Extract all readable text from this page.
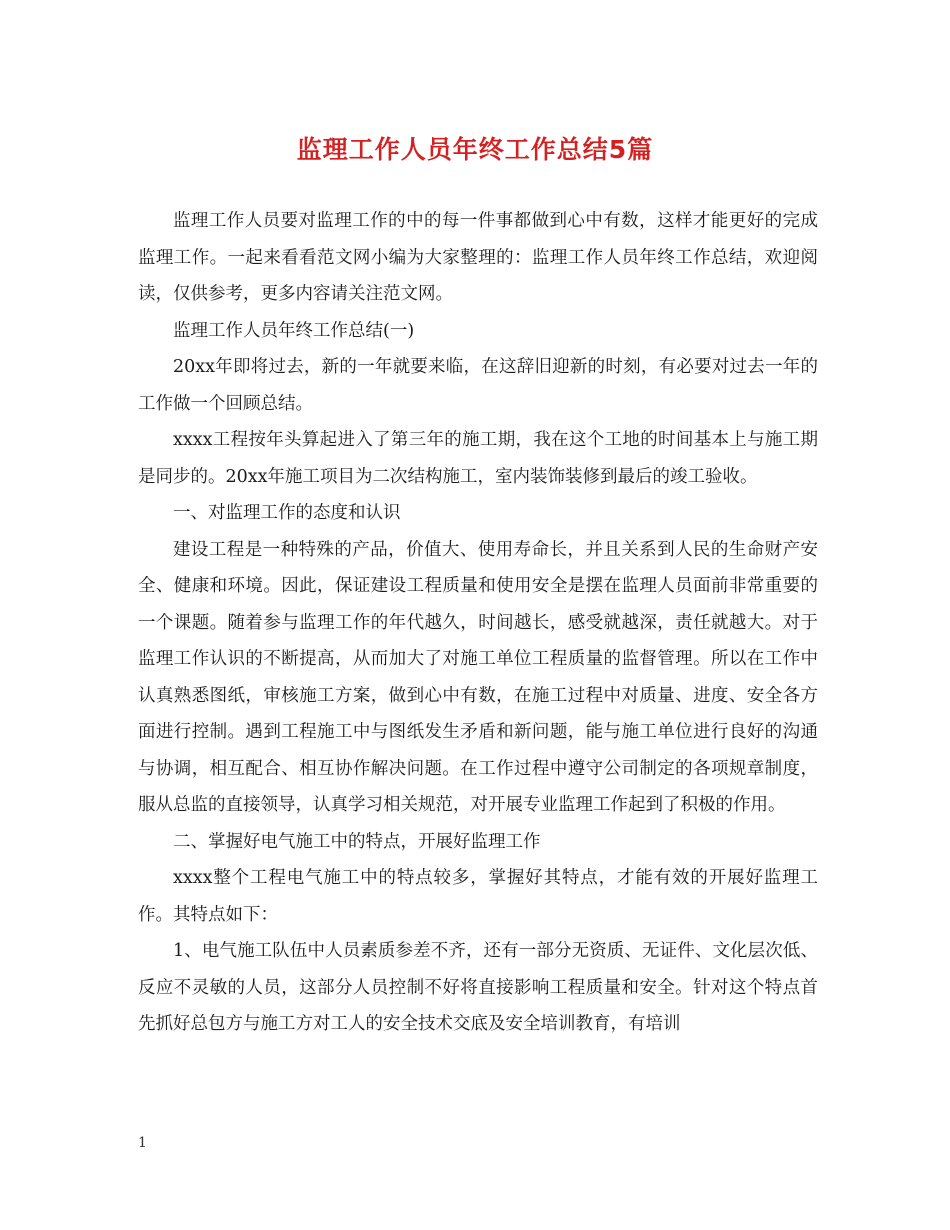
监理工作人员年终工作总结5篇

监理工作人员要对监理工作的中的每一件事都做到心中有数，这样才能更好的完成监理工作。一起来看看范文网小编为大家整理的：监理工作人员年终工作总结，欢迎阅读，仅供参考，更多内容请关注范文网。

监理工作人员年终工作总结(一)

20xx年即将过去，新的一年就要来临，在这辞旧迎新的时刻，有必要对过去一年的工作做一个回顾总结。

xxxx工程按年头算起进入了第三年的施工期，我在这个工地的时间基本上与施工期是同步的。20xx年施工项目为二次结构施工，室内装饰装修到最后的竣工验收。

一、对监理工作的态度和认识

建设工程是一种特殊的产品，价值大、使用寿命长，并且关系到人民的生命财产安全、健康和环境。因此，保证建设工程质量和使用安全是摆在监理人员面前非常重要的一个课题。随着参与监理工作的年代越久，时间越长，感受就越深，责任就越大。对于监理工作认识的不断提高，从而加大了对施工单位工程质量的监督管理。所以在工作中认真熟悉图纸，审核施工方案，做到心中有数，在施工过程中对质量、进度、安全各方面进行控制。遇到工程施工中与图纸发生矛盾和新问题，能与施工单位进行良好的沟通与协调，相互配合、相互协作解决问题。在工作过程中遵守公司制定的各项规章制度，服从总监的直接领导，认真学习相关规范，对开展专业监理工作起到了积极的作用。

二、掌握好电气施工中的特点，开展好监理工作

xxxx整个工程电气施工中的特点较多，掌握好其特点，才能有效的开展好监理工作。其特点如下：

1、电气施工队伍中人员素质参差不齐，还有一部分无资质、无证件、文化层次低、反应不灵敏的人员，这部分人员控制不好将直接影响工程质量和安全。针对这个特点首先抓好总包方与施工方对工人的安全技术交底及安全培训教育，有培训

1
